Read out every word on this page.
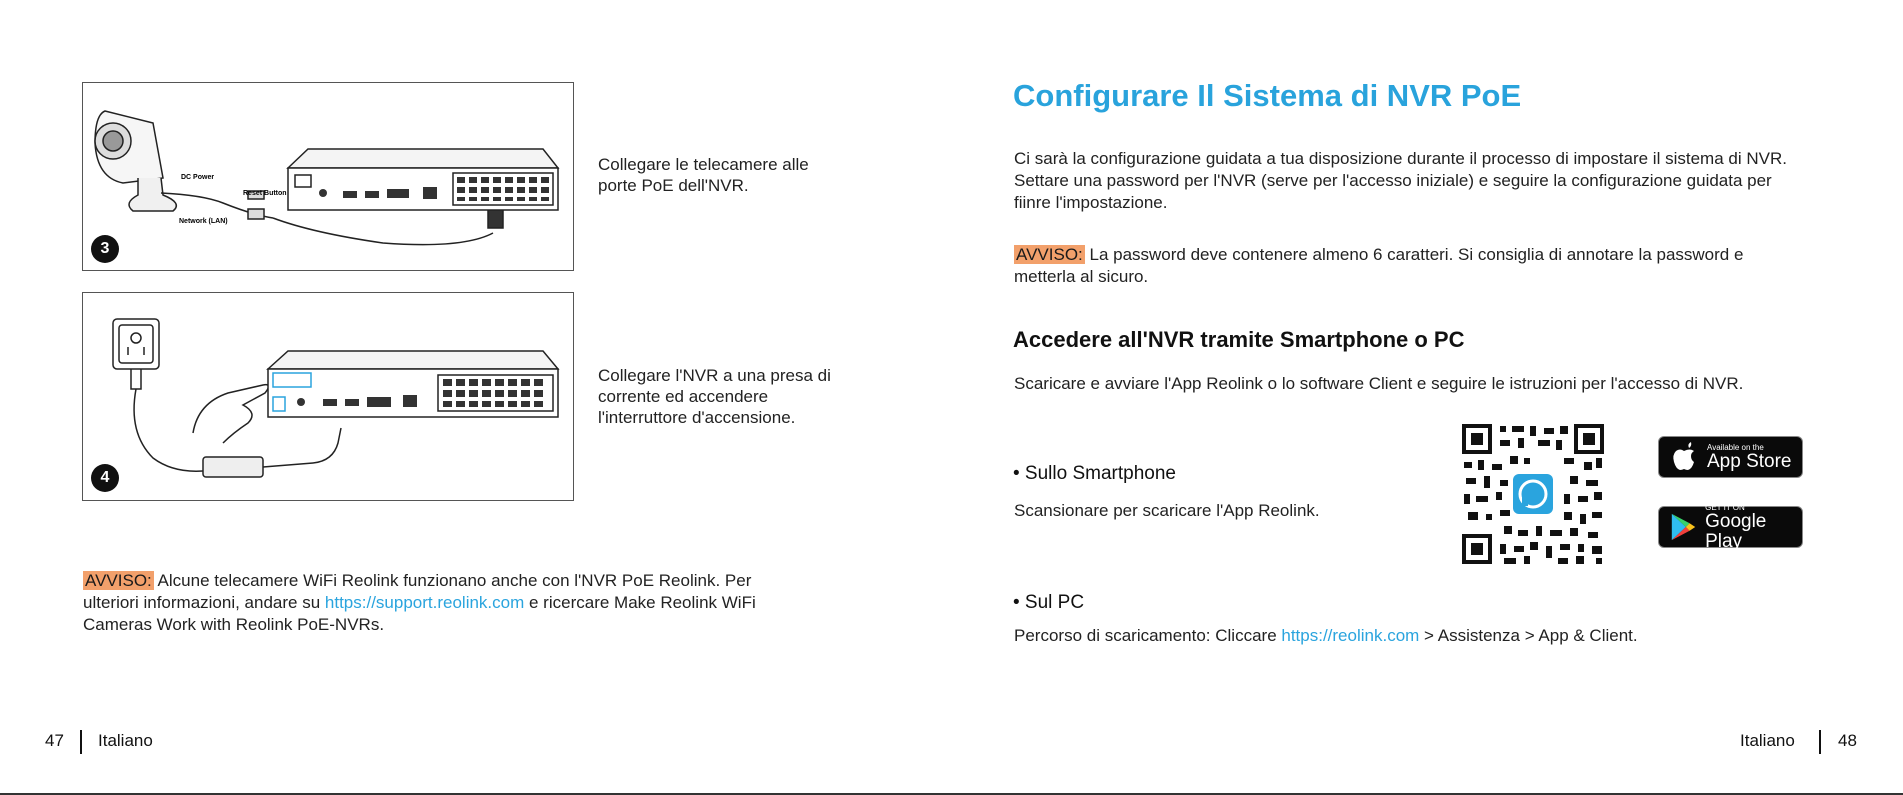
DC Power
Reset Button
Network (LAN)
3
Collegare le telecamere alle porte PoE dell'NVR.
4
Collegare l'NVR a una presa di corrente ed accendere l'interruttore d'accensione.
AVVISO: Alcune telecamere WiFi Reolink funzionano anche con l'NVR PoE Reolink. Per ulteriori informazioni, andare su https://support.reolink.com e ricercare Make Reolink WiFi Cameras Work with Reolink PoE-NVRs.
47 Italiano
Configurare Il Sistema di NVR PoE
Ci sarà la configurazione guidata a tua disposizione durante il processo di impostare il sistema di NVR. Settare una password per l'NVR (serve per l'accesso iniziale) e seguire la configurazione guidata per fiinre l'impostazione.
AVVISO: La password deve contenere almeno 6 caratteri. Si consiglia di annotare la password e metterla al sicuro.
Accedere all'NVR tramite Smartphone o PC
Scaricare e avviare l'App Reolink o lo software Client e seguire le istruzioni per l'accesso di NVR.
• Sullo Smartphone
Scansionare per scaricare l'App Reolink.
Available on the
App Store
GET IT ON
Google Play
• Sul PC
Percorso di scaricamento: Cliccare https://reolink.com > Assistenza > App & Client.
Italiano	48
